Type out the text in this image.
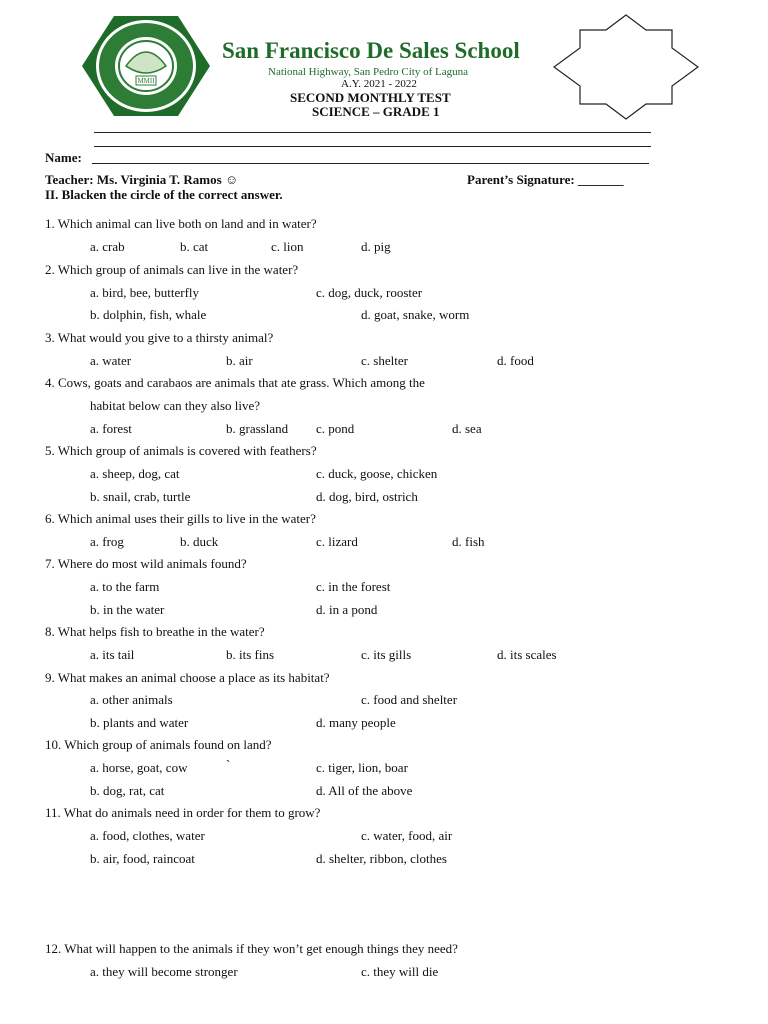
MMII
San Francisco De Sales School
National Highway, San Pedro City of Laguna
A.Y. 2021 - 2022
SECOND MONTHLY TEST
SCIENCE – GRADE 1
Name:
Teacher: Ms. Virginia T. Ramos ☺	Parent’s Signature: _______
II. Blacken the circle of the correct answer.
1. Which animal can live both on land and in water?
a. crab	b. cat	c. lion	d. pig
2. Which group of animals can live in the water?
a. bird, bee, butterfly	c. dog, duck, rooster
b. dolphin, fish, whale	d. goat, snake, worm
3. What would you give to a thirsty animal?
a. water	b. air	c. shelter	d. food
4. Cows, goats and carabaos are animals that ate grass. Which among the
habitat below can they also live?
a. forest	b. grassland c. pond	d. sea
5. Which group of animals is covered with feathers?
a. sheep, dog, cat	c. duck, goose, chicken
b. snail, crab, turtle	d. dog, bird, ostrich
6. Which animal uses their gills to live in the water?
a. frog	b. duck	c. lizard	d. fish
7. Where do most wild animals found?
a. to the farm	c. in the forest
b. in the water	d. in a pond
8. What helps fish to breathe in the water?
a. its tail	b. its fins	c. its gills	d. its scales
9. What makes an animal choose a place as its habitat?
a. other animals	c. food and shelter
b. plants and water	d. many people
10. Which group of animals found on land?
a. horse, goat, cow	`	c. tiger, lion, boar
b. dog, rat, cat	d. All of the above
11. What do animals need in order for them to grow?
a. food, clothes, water	c. water, food, air
b. air, food, raincoat	d. shelter, ribbon, clothes
12. What will happen to the animals if they won’t get enough things they need?
a. they will become stronger	c. they will die
